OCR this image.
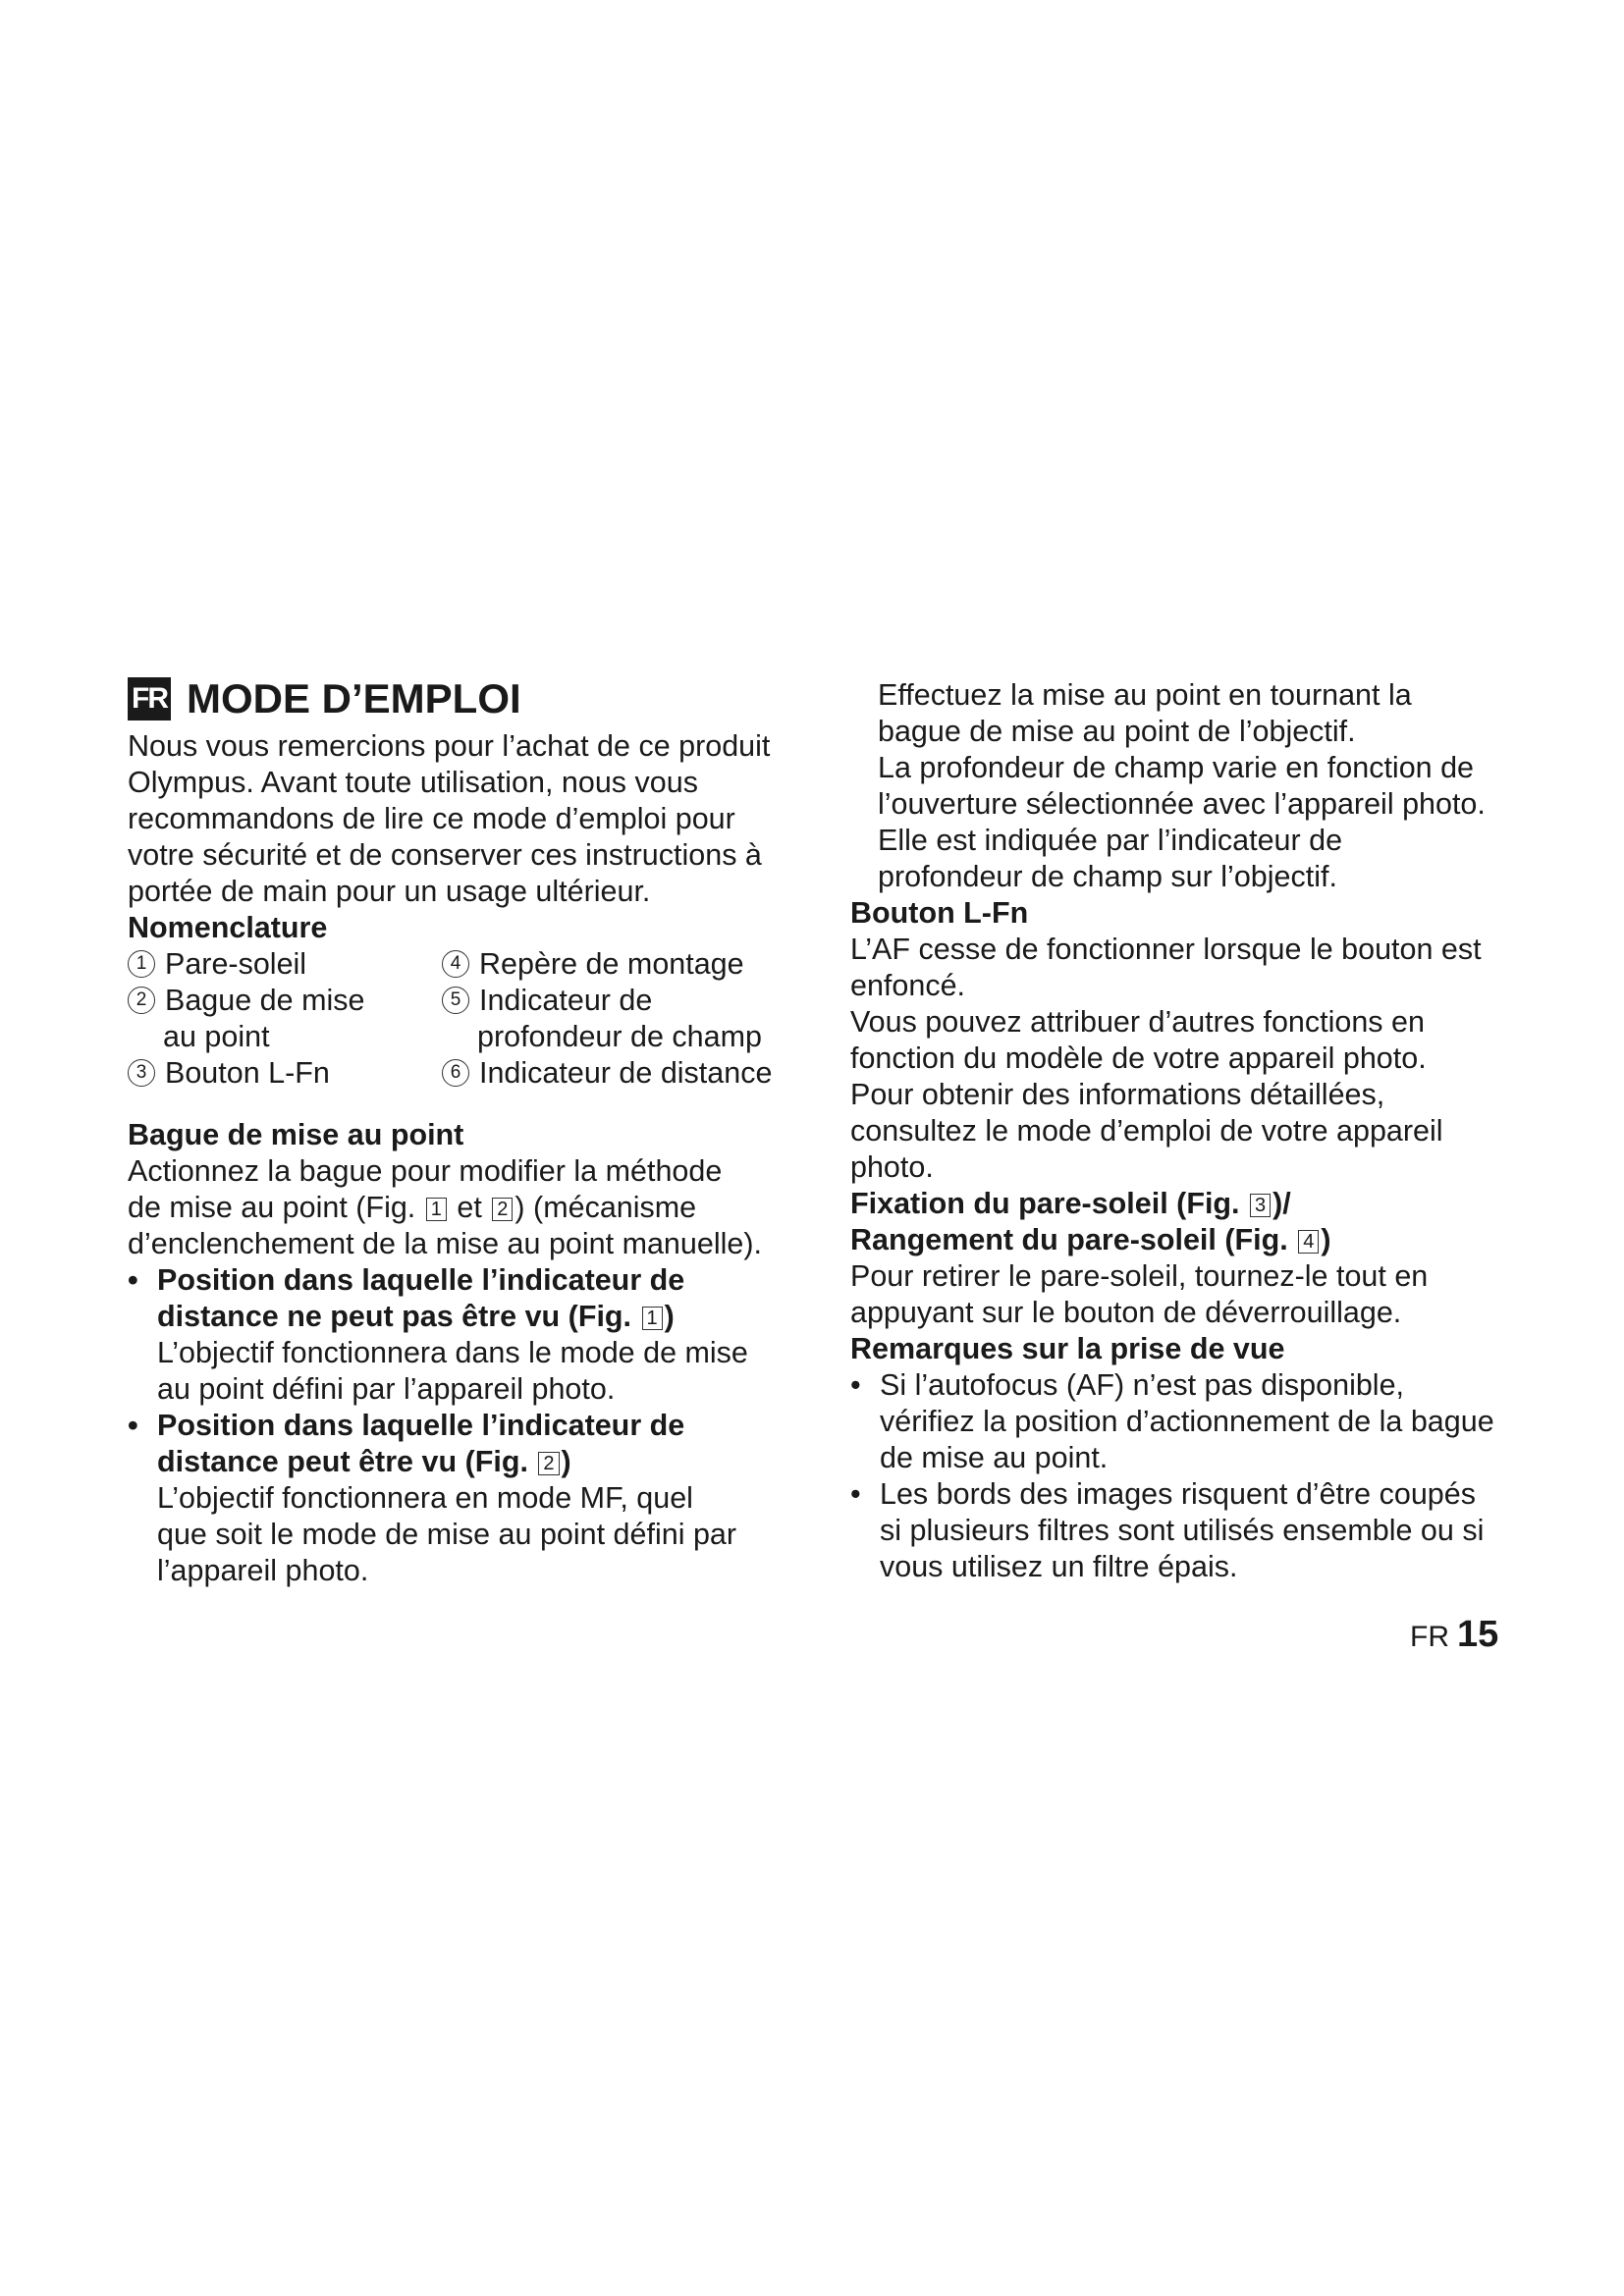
FR MODE D’EMPLOI

Nous vous remercions pour l’achat de ce produit

Olympus. Avant toute utilisation, nous vous

recommandons de lire ce mode d’emploi pour

votre sécurité et de conserver ces instructions à

portée de main pour un usage ultérieur.

Nomenclature

1 Pare-soleil	4 Repère de montage
2 Bague de mise
au point
5 Indicateur de
profondeur de champ
3 Bouton L-Fn	6 Indicateur de distance

Bague de mise au point

Actionnez la bague pour modifier la méthode

de mise au point (Fig. 1 et 2 ) (mécanisme

d’enclenchement de la mise au point manuelle).

• Position dans laquelle l’indicateur de

distance ne peut pas être vu (Fig. 1 )

L’objectif fonctionnera dans le mode de mise

au point défini par l’appareil photo.

• Position dans laquelle l’indicateur de

distance peut être vu (Fig. 2 )

L’objectif fonctionnera en mode MF, quel

que soit le mode de mise au point défini par

l’appareil photo.

Effectuez la mise au point en tournant la

bague de mise au point de l’objectif.

La profondeur de champ varie en fonction de

l’ouverture sélectionnée avec l’appareil photo.

Elle est indiquée par l’indicateur de

profondeur de champ sur l’objectif.

Bouton L-Fn

L’AF cesse de fonctionner lorsque le bouton est

enfoncé.

Vous pouvez attribuer d’autres fonctions en

fonction du modèle de votre appareil photo.

Pour obtenir des informations détaillées,

consultez le mode d’emploi de votre appareil

photo.

Fixation du pare-soleil (Fig. 3 )/

Rangement du pare-soleil (Fig. 4 )

Pour retirer le pare-soleil, tournez-le tout en

appuyant sur le bouton de déverrouillage.

Remarques sur la prise de vue

• Si l’autofocus (AF) n’est pas disponible,

vérifiez la position d’actionnement de la bague

de mise au point.

• Les bords des images risquent d’être coupés

si plusieurs filtres sont utilisés ensemble ou si

vous utilisez un filtre épais.

FR 15
